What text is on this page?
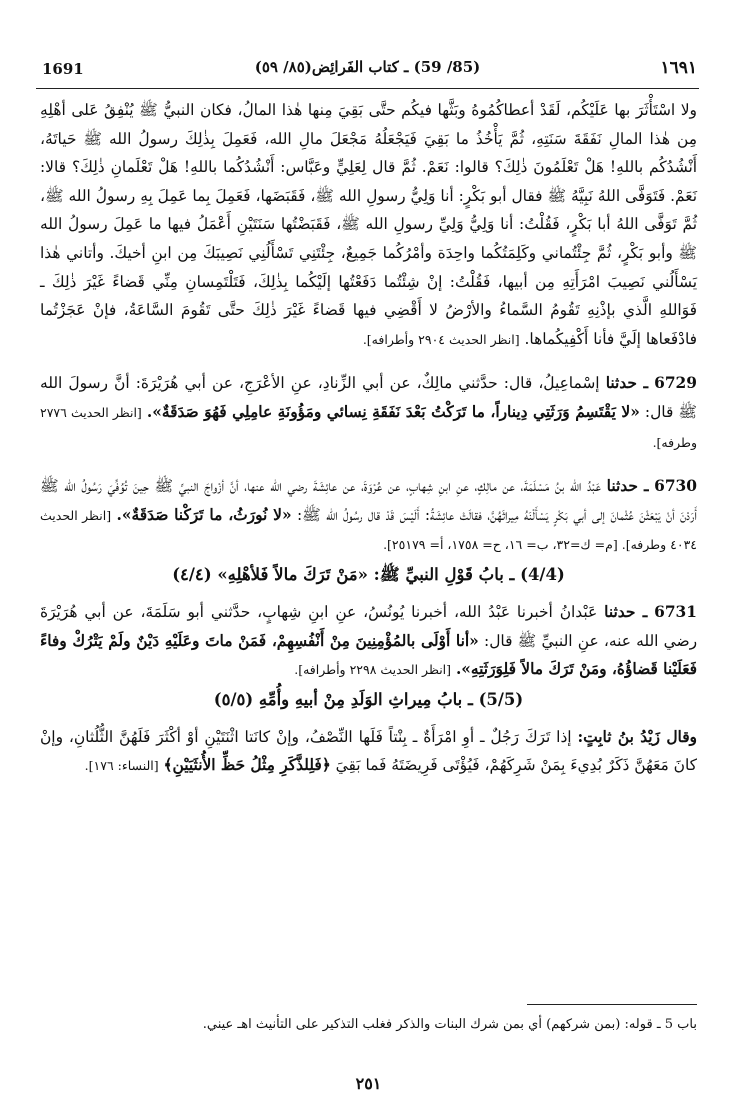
1691	(85/ 59) ـ كتاب الفَرائِض(٨٥/ ٥٩)	١٦٩١

ولا اسْتَأْثَرَ بها عَلَيْكُم، لَقَدْ أعطاكُمُوهُ وبَثَّها فيكُم حتَّى بَقِيَ مِنها هٰذا المالُ، فكان النبيُّ ﷺ يُنْفِقُ عَلى أهْلِهِ مِن هٰذا المالِ نَفَقَةَ سَنَتِهِ، ثُمَّ يَأْخُذُ ما بَقِيَ فَيَجْعَلُهُ مَجْعَلَ مالِ الله، فَعَمِلَ بِذٰلِكَ رسولُ الله ﷺ حَياتَهُ، أَنْشُدُكُم باللهِ! هَلْ تَعْلَمُونَ ذٰلِكَ؟ قالوا: نَعَمْ. ثُمَّ قال لِعَلِيٍّ وعَبَّاس: أَنْشُدُكُما باللهِ! هَلْ تَعْلَمانِ ذٰلِكَ؟ قالا: نَعَمْ. فَتَوَفَّى اللهُ نَبِيَّهُ ﷺ فقال أبو بَكْرٍ: أنا وَلِيُّ رسولِ الله ﷺ، فَقَبَضَها، فَعَمِلَ بِما عَمِلَ بِهِ رسولُ الله ﷺ، ثُمَّ تَوَفَّى اللهُ أبا بَكْرٍ، فَقُلْتُ: أنا وَلِيُّ وَلِيِّ رسولِ الله ﷺ، فَقَبَضْتُها سَنَتَيْنِ أَعْمَلُ فيها ما عَمِلَ رسولُ الله ﷺ وأبو بَكْرٍ، ثُمَّ جِئْتُماني وكَلِمَتُكُما واحِدَة وأمْرُكُما جَمِيعٌ، جِئْتَنِي تَسْأَلُنِي نَصِيبَكَ مِن ابنِ أخيكَ. وأتاني هٰذا يَسْأَلُني نَصِيبَ امْرَأَتِهِ مِن أبيها، فَقُلْتُ: إنْ شِئْتُما دَفَعْتُها إلَيْكُما بِذٰلِكَ، فَتَلْتَمِسانِ مِنِّي قَضاءً غَيْرَ ذٰلِكَ ـ فَوَاللهِ الَّذي بإذْنِهِ تَقُومُ السَّماءُ والأرْضُ لا أَقْضِي فيها قَضاءً غَيْرَ ذٰلِكَ حتَّى تَقُومَ السَّاعَةُ، فإنْ عَجَزْتُما فادْفَعاها إلَيَّ فأنا أَكْفِيكُماها. [انظر الحديث ٢٩٠٤ وأطرافه].

6729 ـ حدثنا إسْماعِيلُ، قال: حدَّثني مالِكٌ، عن أبي الزِّنادِ، عنِ الأعْرَجِ، عن أبي هُرَيْرَةَ: أنَّ رسولَ الله ﷺ قال: «لا يَقْتَسِمُ وَرَثَتِي دِيناراً، ما تَرَكْتُ بَعْدَ نَفَقَةِ نِسائي ومَؤُونَةِ عامِلِي فَهُوَ صَدَقَةٌ». [انظر الحديث ٢٧٧٦ وطرفه].

6730 ـ حدثنا عَبْدُ الله بنُ مَسْلَمَةَ، عن مالِكٍ، عنِ ابنِ شِهابٍ، عن عُرْوَةَ، عن عائِشَةَ رضي الله عنها، أنَّ أزْواجَ النبيِّ ﷺ حِينَ تُوُفِّيَ رَسُولُ الله ﷺ أَرَدْنَ أنْ يَبْعَثْنَ عُثْمانَ إلى أبي بَكْرٍ يَسْأَلْنَهُ مِيراثَهُنَّ، فقالَتْ عائِشَةُ: أَلَيْسَ قَدْ قال رسُولُ الله ﷺ: «لا نُورَثُ، ما تَرَكْنا صَدَقَةٌ». [انظر الحديث ٤٠٣٤ وطرفه]. [م= ك=٣٢، ب= ١٦، ح= ١٧٥٨، أ= ٢٥١٧٩].

(4/4) ـ بابُ قَوْلِ النبيِّ ﷺ: «مَنْ تَرَكَ مالاً فَلأهْلِهِ» (٤/٤)

6731 ـ حدثنا عَبْدانُ أخبرنا عَبْدُ الله، أخبرنا يُونُسُ، عنِ ابنِ شِهابٍ، حدَّثني أبو سَلَمَةَ، عن أبي هُرَيْرَةَ رضي الله عنه، عنِ النبيِّ ﷺ قال: «أنا أَوْلَى بالمُؤْمِنِينَ مِنْ أَنْفُسِهِمْ، فَمَنْ ماتَ وعَلَيْهِ دَيْنٌ ولَمْ يَتْرُكْ وفاءً فَعَلَيْنا قَضاؤُهُ، ومَنْ تَرَكَ مالاً فَلِوَرَثَتِهِ». [انظر الحديث ٢٢٩٨ وأطرافه].

(5/5) ـ بابُ مِيراثِ الوَلَدِ مِنْ أبيهِ وأُمِّهِ (٥/٥)

وقال زَيْدُ بنُ ثابِتٍ: إذا تَرَكَ رَجُلٌ ـ أوِ امْرَأَةٌ ـ بِنْتاً فَلَها النِّصْفُ، وإنْ كانَتا اثْنَتَيْنِ أوْ أكْثَرَ فَلَهُنَّ الثُّلُثانِ، وإنْ كانَ مَعَهُنَّ ذَكَرٌ بُدِيءَ بِمَنْ شَرِكَهُمْ، فَيُؤْتَى فَرِيضَتَهُ فَما بَقِيَ ﴿فَلِلذَّكَرِ مِثْلُ حَظِّ الأُنثَيَيْنِ﴾ [النساء: ١٧٦].

باب 5 ـ قوله: (بمن شركهم) أي بمن شرك البنات والذكر فغلب التذكير على التأنيث اهـ عيني.
٢٥١
